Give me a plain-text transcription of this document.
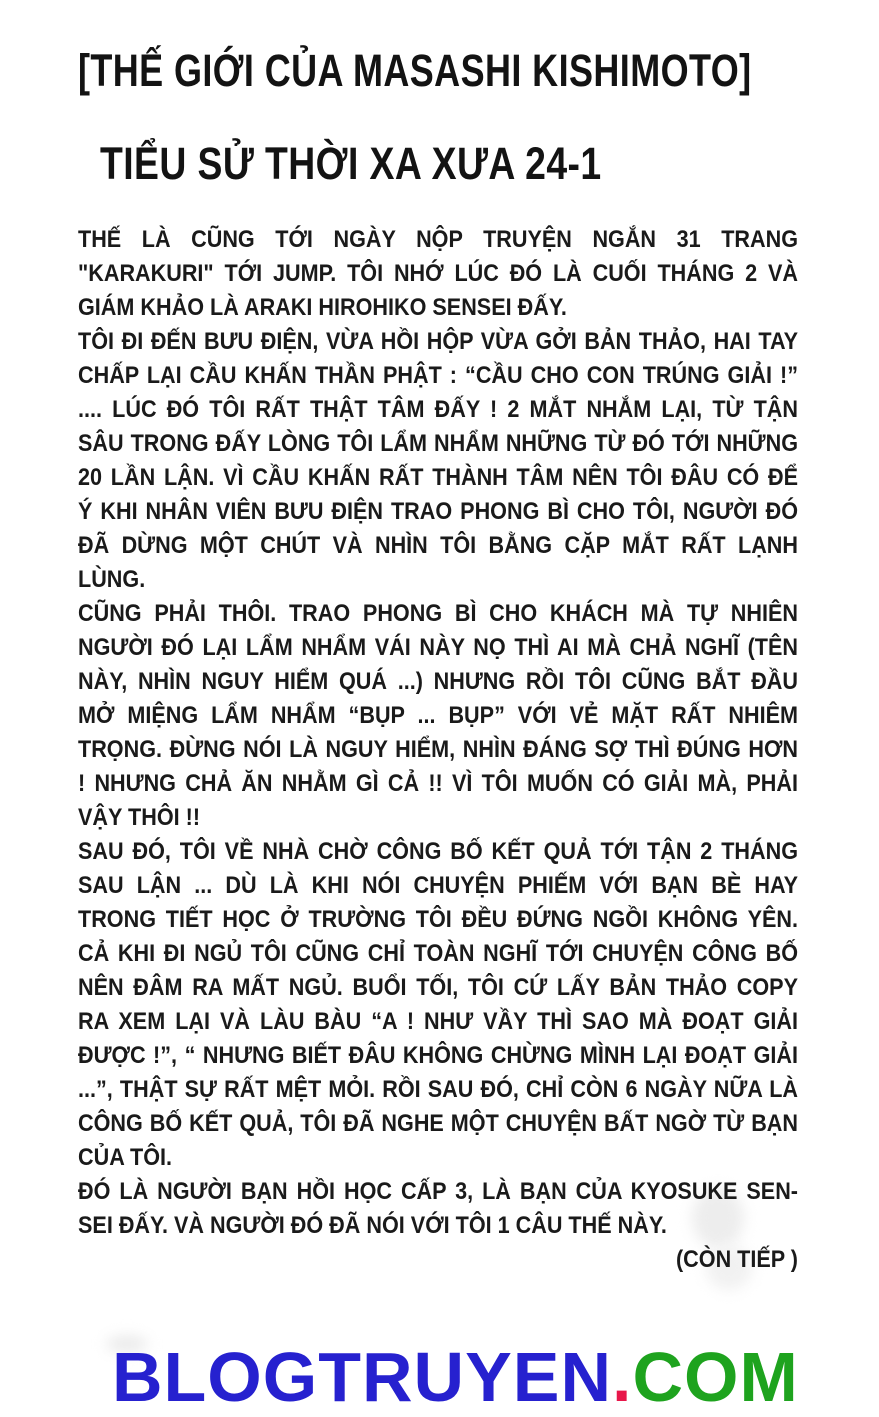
[THẾ GIỚI CỦA MASASHI KISHIMOTO]
TIỂU SỬ THỜI XA XƯA 24-1
THẾ LÀ CŨNG TỚI NGÀY NỘP TRUYỆN NGẮN 31 TRANG
"KARAKURI" TỚI JUMP. TÔI NHỚ LÚC ĐÓ LÀ CUỐI THÁNG 2 VÀ
GIÁM KHẢO LÀ ARAKI HIROHIKO SENSEI ĐẤY.
TÔI ĐI ĐẾN BƯU ĐIỆN, VỪA HỒI HỘP VỪA GỞI BẢN THẢO, HAI TAY
CHẤP LẠI CẦU KHẤN THẦN PHẬT : “CẦU CHO CON TRÚNG GIẢI !”
.... LÚC ĐÓ TÔI RẤT THẬT TÂM ĐẤY ! 2 MẮT NHẮM LẠI, TỪ TẬN
SÂU TRONG ĐẤY LÒNG TÔI LẨM NHẨM NHỮNG TỪ ĐÓ TỚI NHỮNG
20 LẦN LẬN. VÌ CẦU KHẤN RẤT THÀNH TÂM NÊN TÔI ĐÂU CÓ ĐỂ
Ý KHI NHÂN VIÊN BƯU ĐIỆN TRAO PHONG BÌ CHO TÔI, NGƯỜI ĐÓ
ĐÃ DỪNG MỘT CHÚT VÀ NHÌN TÔI BẰNG CẶP MẮT RẤT LẠNH
LÙNG.
CŨNG PHẢI THÔI. TRAO PHONG BÌ CHO KHÁCH MÀ TỰ NHIÊN
NGƯỜI ĐÓ LẠI LẨM NHẨM VÁI NÀY NỌ THÌ AI MÀ CHẢ NGHĨ (TÊN
NÀY, NHÌN NGUY HIỂM QUÁ ...) NHƯNG RỒI TÔI CŨNG BẮT ĐẦU
MỞ MIỆNG LẨM NHẨM “BỤP ... BỤP” VỚI VẺ MẶT RẤT NHIÊM
TRỌNG. ĐỪNG NÓI LÀ NGUY HIỂM, NHÌN ĐÁNG SỢ THÌ ĐÚNG HƠN
! NHƯNG CHẢ ĂN NHẰM GÌ CẢ !! VÌ TÔI MUỐN CÓ GIẢI MÀ, PHẢI
VẬY THÔI !!
SAU ĐÓ, TÔI VỀ NHÀ CHỜ CÔNG BỐ KẾT QUẢ TỚI TẬN 2 THÁNG
SAU LẬN ... DÙ LÀ KHI NÓI CHUYỆN PHIẾM VỚI BẠN BÈ HAY
TRONG TIẾT HỌC Ở TRƯỜNG TÔI ĐỀU ĐỨNG NGỒI KHÔNG YÊN.
CẢ KHI ĐI NGỦ TÔI CŨNG CHỈ TOÀN NGHĨ TỚI CHUYỆN CÔNG BỐ
NÊN ĐÂM RA MẤT NGỦ. BUỔI TỐI, TÔI CỨ LẤY BẢN THẢO COPY
RA XEM LẠI VÀ LÀU BÀU “A ! NHƯ VẦY THÌ SAO MÀ ĐOẠT GIẢI
ĐƯỢC !”, “ NHƯNG BIẾT ĐÂU KHÔNG CHỪNG MÌNH LẠI ĐOẠT GIẢI
...”, THẬT SỰ RẤT MỆT MỎI. RỒI SAU ĐÓ, CHỈ CÒN 6 NGÀY NỮA LÀ
CÔNG BỐ KẾT QUẢ, TÔI ĐÃ NGHE MỘT CHUYỆN BẤT NGỜ TỪ BẠN
CỦA TÔI.
ĐÓ LÀ NGƯỜI BẠN HỒI HỌC CẤP 3, LÀ BẠN CỦA KYOSUKE SEN-
SEI ĐẤY. VÀ NGƯỜI ĐÓ ĐÃ NÓI VỚI TÔI 1 CÂU THẾ NÀY.
(CÒN TIẾP )
BLOGTRUYEN.COM
